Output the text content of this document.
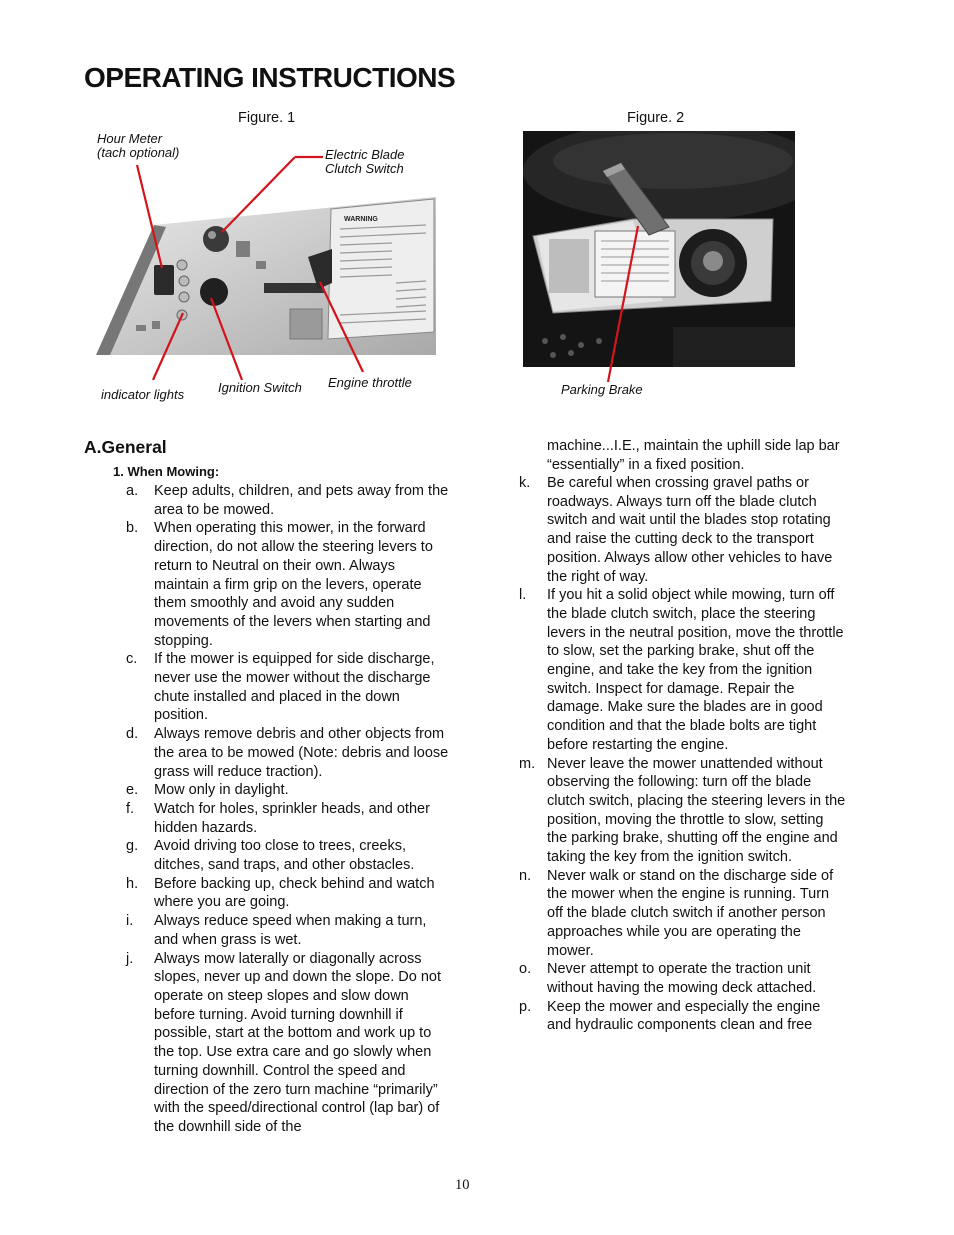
OPERATING INSTRUCTIONS
Figure. 1
Hour Meter
(tach optional)	Electric Blade
Clutch Switch
indicator lights	Ignition Switch Engine throttle
WARNING
Figure. 2
Parking Brake
A.General
1. When Mowing:
a.	Keep adults, children, and pets away from the area to be mowed.
b.	When operating this mower, in the forward direction, do not allow the steering levers to return to Neutral on their own. Always maintain a firm grip on the levers, operate them smoothly and avoid any sudden movements of the levers when starting and stopping.
c.	If the mower is equipped for side discharge, never use the mower without the discharge chute installed and placed in the down position.
d.	Always remove debris and other objects from the area to be mowed (Note: debris and loose grass will reduce traction).
e.	Mow only in daylight.
f.	Watch for holes, sprinkler heads, and other hidden hazards.
g.	Avoid driving too close to trees, creeks, ditches, sand traps, and other obstacles.
h.	Before backing up, check behind and watch where you are going.
i.	Always reduce speed when making a turn, and when grass is wet.
j.	Always mow laterally or diagonally across slopes, never up and down the slope. Do not operate on steep slopes and slow down before turning. Avoid turning downhill if possible, start at the bottom and work up to the top. Use extra care and go slowly when turning downhill. Control the speed and direction of the zero turn machine “primarily” with the speed/directional control (lap bar) of the downhill side of the
machine...I.E., maintain the uphill side lap bar “essentially” in a fixed position.
k.	Be careful when crossing gravel paths or roadways. Always turn off the blade clutch switch and wait until the blades stop rotating and raise the cutting deck to the transport position. Always allow other vehicles to have the right of way.
l.	If you hit a solid object while mowing, turn off the blade clutch switch, place the steering levers in the neutral position, move the throttle to slow, set the parking brake, shut off the engine, and take the key from the ignition switch. Inspect for damage. Repair the damage. Make sure the blades are in good condition and that the blade bolts are tight before restarting the engine.
m. Never leave the mower unattended without observing the following: turn off the blade clutch switch, placing the steering levers in the position, moving the throttle to slow, setting the parking brake, shutting off the engine and taking the key from the ignition switch.
n.	Never walk or stand on the discharge side of the mower when the engine is running. Turn off the blade clutch switch if another person approaches while you are operating the mower.
o.	Never attempt to operate the traction unit without having the mowing deck attached.
p.	Keep the mower and especially the engine and hydraulic components clean and free
10
